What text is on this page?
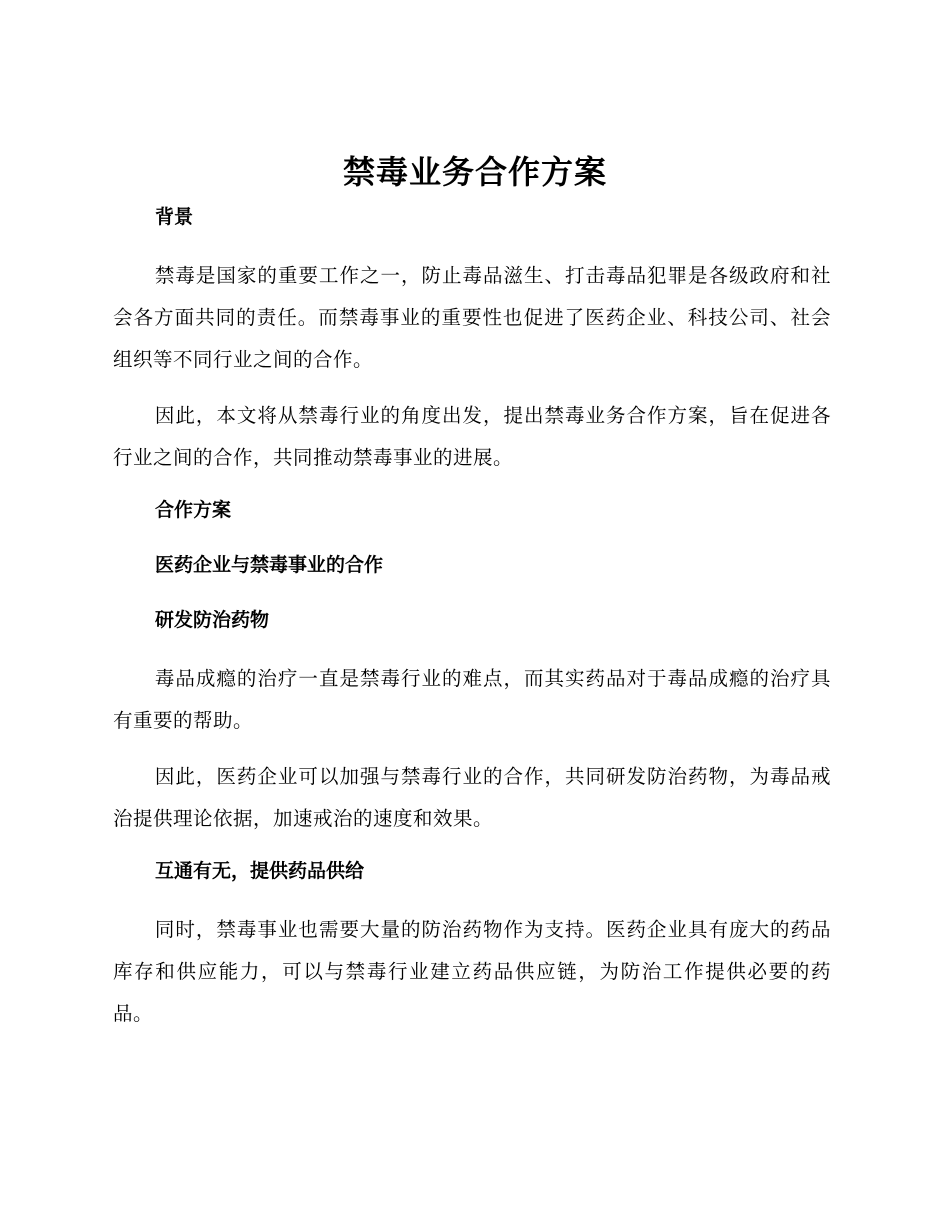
禁毒业务合作方案

背景

禁毒是国家的重要工作之一，防止毒品滋生、打击毒品犯罪是各级政府和社会各方面共同的责任。而禁毒事业的重要性也促进了医药企业、科技公司、社会组织等不同行业之间的合作。

因此，本文将从禁毒行业的角度出发，提出禁毒业务合作方案，旨在促进各行业之间的合作，共同推动禁毒事业的进展。

合作方案

医药企业与禁毒事业的合作

研发防治药物

毒品成瘾的治疗一直是禁毒行业的难点，而其实药品对于毒品成瘾的治疗具有重要的帮助。

因此，医药企业可以加强与禁毒行业的合作，共同研发防治药物，为毒品戒治提供理论依据，加速戒治的速度和效果。

互通有无，提供药品供给

同时，禁毒事业也需要大量的防治药物作为支持。医药企业具有庞大的药品库存和供应能力，可以与禁毒行业建立药品供应链，为防治工作提供必要的药品。
